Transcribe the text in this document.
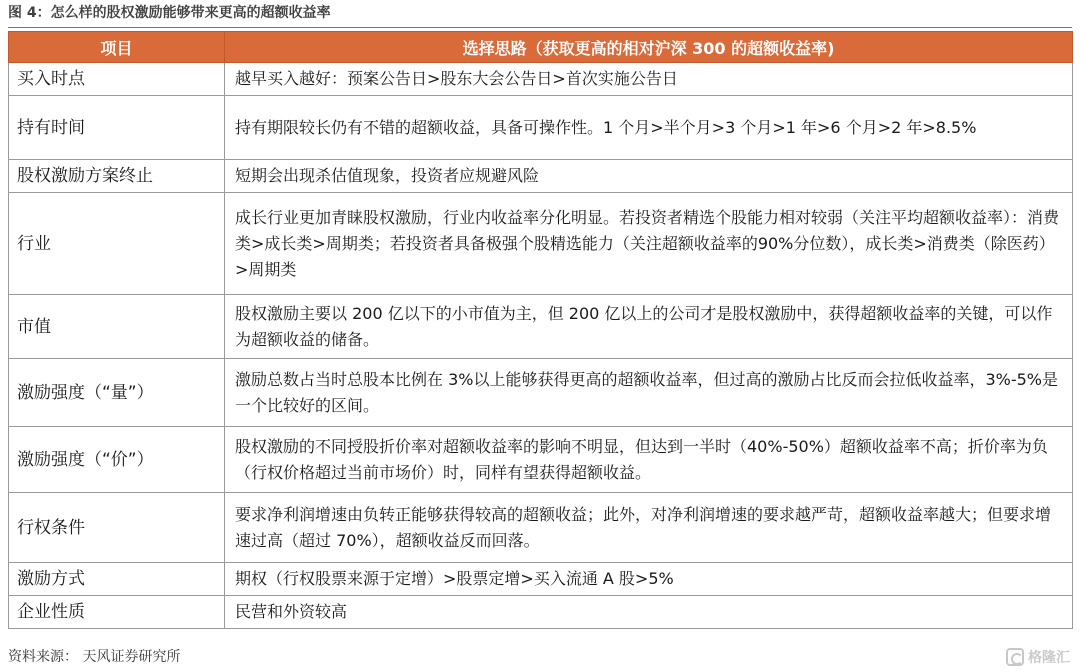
图 4：怎么样的股权激励能够带来更高的超额收益率
项目	选择思路（获取更高的相对沪深 300 的超额收益率)
买入时点	越早买入越好：预案公告日>股东大会公告日>首次实施公告日
持有时间	持有期限较长仍有不错的超额收益，具备可操作性。1 个月>半个月>3 个月>1 年>6 个月>2 年>8.5%
股权激励方案终止	短期会出现杀估值现象，投资者应规避风险
行业	成长行业更加青睐股权激励，行业内收益率分化明显。若投资者精选个股能力相对较弱（关注平均超额收益率）：消费类>成长类>周期类；若投资者具备极强个股精选能力（关注超额收益率的90%分位数），成长类>消费类（除医药）>周期类
市值	股权激励主要以 200 亿以下的小市值为主，但 200 亿以上的公司才是股权激励中，获得超额收益率的关键，可以作为超额收益的储备。
激励强度（“量”）	激励总数占当时总股本比例在 3%以上能够获得更高的超额收益率，但过高的激励占比反而会拉低收益率，3%-5%是一个比较好的区间。
激励强度（“价”）	股权激励的不同授股折价率对超额收益率的影响不明显，但达到一半时（40%-50%）超额收益率不高；折价率为负（行权价格超过当前市场价）时，同样有望获得超额收益。
行权条件	要求净利润增速由负转正能够获得较高的超额收益；此外，对净利润增速的要求越严苛，超额收益率越大；但要求增速过高（超过 70%），超额收益反而回落。
激励方式	期权（行权股票来源于定增）>股票定增>买入流通 A 股>5%
企业性质	民营和外资较高
资料来源： 天风证券研究所	格隆汇
